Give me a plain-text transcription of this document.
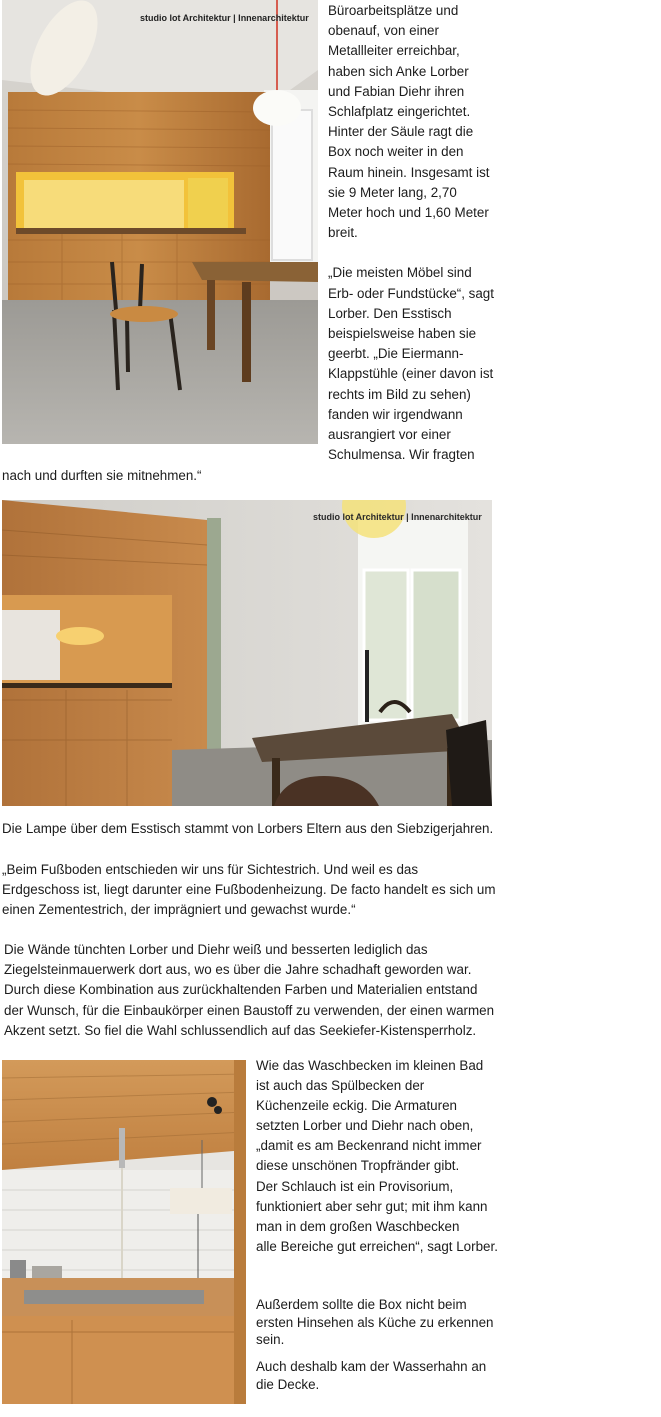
studio lot Architektur | Innenarchitektur Büroarbeitsplätze und
obenauf, von einer
Metallleiter erreichbar,
haben sich Anke Lorber
und Fabian Diehr ihren
Schlafplatz eingerichtet.
Hinter der Säule ragt die
Box noch weiter in den
Raum hinein. Insgesamt ist
sie 9 Meter lang, 2,70
Meter hoch und 1,60 Meter
breit.
„Die meisten Möbel sind
Erb- oder Fundstücke“, sagt
Lorber. Den Esstisch
beispielsweise haben sie
geerbt. „Die Eiermann-
Klappstühle (einer davon ist
rechts im Bild zu sehen)
fanden wir irgendwann
ausrangiert vor einer
Schulmensa. Wir fragten
nach und durften sie mitnehmen.“
studio lot Architektur | Innenarchitektur
Die Lampe über dem Esstisch stammt von Lorbers Eltern aus den Siebzigerjahren.
„Beim Fußboden entschieden wir uns für Sichtestrich. Und weil es das
Erdgeschoss ist, liegt darunter eine Fußbodenheizung. De facto handelt es sich um
einen Zementestrich, der imprägniert und gewachst wurde.“
Die Wände tünchten Lorber und Diehr weiß und besserten lediglich das
Ziegelsteinmauerwerk dort aus, wo es über die Jahre schadhaft geworden war.
Durch diese Kombination aus zurückhaltenden Farben und Materialien entstand
der Wunsch, für die Einbaukörper einen Baustoff zu verwenden, der einen warmen
Akzent setzt. So fiel die Wahl schlussendlich auf das Seekiefer-Kistensperrholz.
Wie das Waschbecken im kleinen Bad
ist auch das Spülbecken der
Küchenzeile eckig. Die Armaturen
setzten Lorber und Diehr nach oben,
„damit es am Beckenrand nicht immer
diese unschönen Tropfränder gibt.
Der Schlauch ist ein Provisorium,
funktioniert aber sehr gut; mit ihm kann
man in dem großen Waschbecken
alle Bereiche gut erreichen“, sagt Lorber.
Außerdem sollte die Box nicht beim
ersten Hinsehen als Küche zu erkennen
sein.
Auch deshalb kam der Wasserhahn an
die Decke.
